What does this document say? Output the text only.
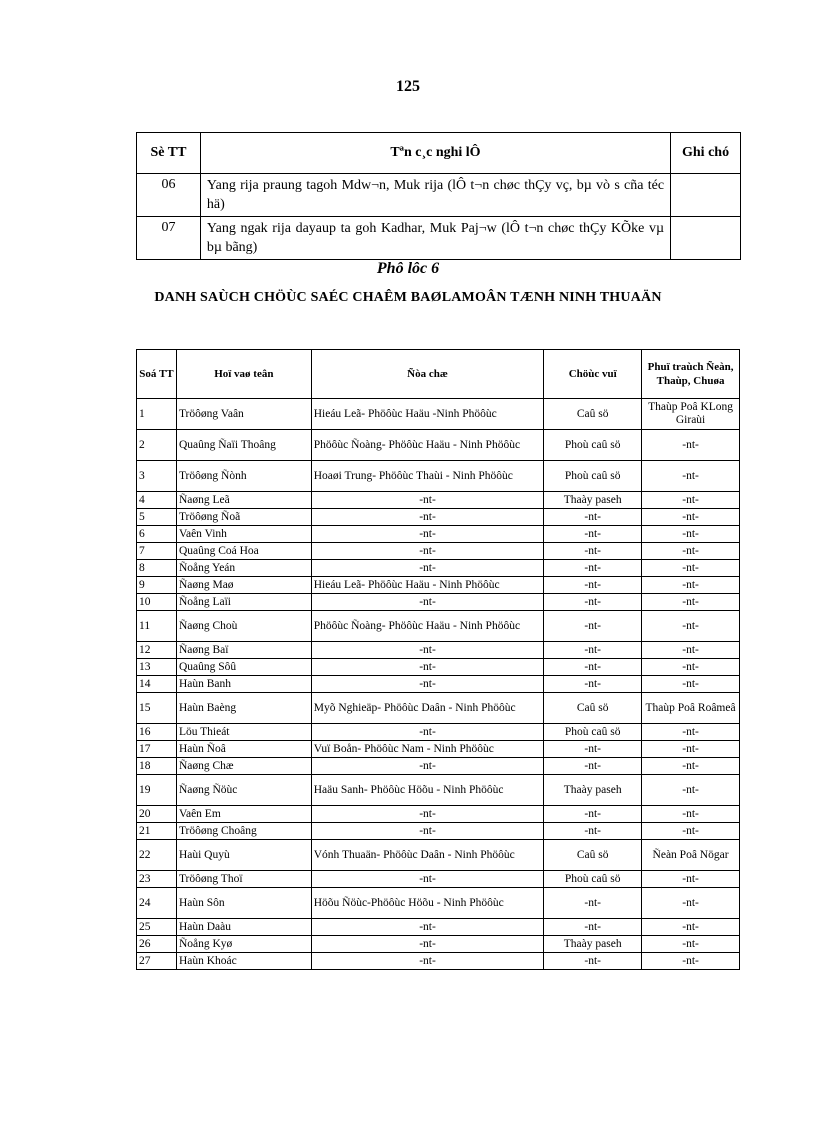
125
Sè TT	Tªn c¸c nghi lÔ	Ghi chó
06	Yang rija praung tagoh Mdw¬n, Muk rija (lÔ t¬n chøc thÇy vç, bµ vò s cña téc hä)	
07	Yang ngak rija dayaup ta goh Kadhar, Muk Paj¬w (lÔ t¬n chøc thÇy KÕke vµ bµ bãng)	
Phô lôc 6
DANH SAÙCH CHÖÙC SAÉC CHAÊM BAØLAMOÂN TÆNH NINH THUAÄN
Soá TT	Hoï vaø teân	Ñòa chæ	Chöùc vuï	Phuï traùch Ñeàn, Thaùp, Chuøa
1	Tröôøng Vaân	Hieáu Leã- Phöôùc Haäu -Ninh Phöôùc	Caû sö	Thaùp Poâ KLong Giraùi
2	Quaûng Ñaïi Thoâng	Phöôùc Ñoàng- Phöôùc Haäu - Ninh Phöôùc	Phoù caû sö	-nt-
3	Tröôøng Ñònh	Hoaøi Trung- Phöôùc Thaùi - Ninh Phöôùc	Phoù caû sö	-nt-
4	Ñaøng Leã	-nt-	Thaày paseh	-nt-
5	Tröôøng Ñoã	-nt-	-nt-	-nt-
6	Vaên Vinh	-nt-	-nt-	-nt-
7	Quaûng Coá Hoa	-nt-	-nt-	-nt-
8	Ñoång Yeán	-nt-	-nt-	-nt-
9	Ñaøng Maø	Hieáu Leã- Phöôùc Haäu - Ninh Phöôùc	-nt-	-nt-
10	Ñoång Laïi	-nt-	-nt-	-nt-
11	Ñaøng Choù	Phöôùc Ñoàng- Phöôùc Haäu - Ninh Phöôùc	-nt-	-nt-
12	Ñaøng Baï	-nt-	-nt-	-nt-
13	Quaûng Sôû	-nt-	-nt-	-nt-
14	Haùn Banh	-nt-	-nt-	-nt-
15	Haùn Baèng	Myõ Nghieäp- Phöôùc Daân - Ninh Phöôùc	Caû sö	Thaùp Poâ Roâmeâ
16	Löu Thieát	-nt-	Phoù caû sö	-nt-
17	Haùn Ñoâ	Vuï Boån- Phöôùc Nam - Ninh Phöôùc	-nt-	-nt-
18	Ñaøng Chæ	-nt-	-nt-	-nt-
19	Ñaøng Ñöùc	Haäu Sanh- Phöôùc Höõu - Ninh Phöôùc	Thaày paseh	-nt-
20	Vaên Em	-nt-	-nt-	-nt-
21	Tröôøng Choâng	-nt-	-nt-	-nt-
22	Haùi Quyù	Vónh Thuaän- Phöôùc Daân - Ninh Phöôùc	Caû sö	Ñeàn Poâ Nögar
23	Tröôøng Thoï	-nt-	Phoù caû sö	-nt-
24	Haùn Sôn	Höõu Ñöùc-Phöôùc Höõu - Ninh Phöôùc	-nt-	-nt-
25	Haùn Daàu	-nt-	-nt-	-nt-
26	Ñoång Kyø	-nt-	Thaày paseh	-nt-
27	Haùn Khoác	-nt-	-nt-	-nt-
